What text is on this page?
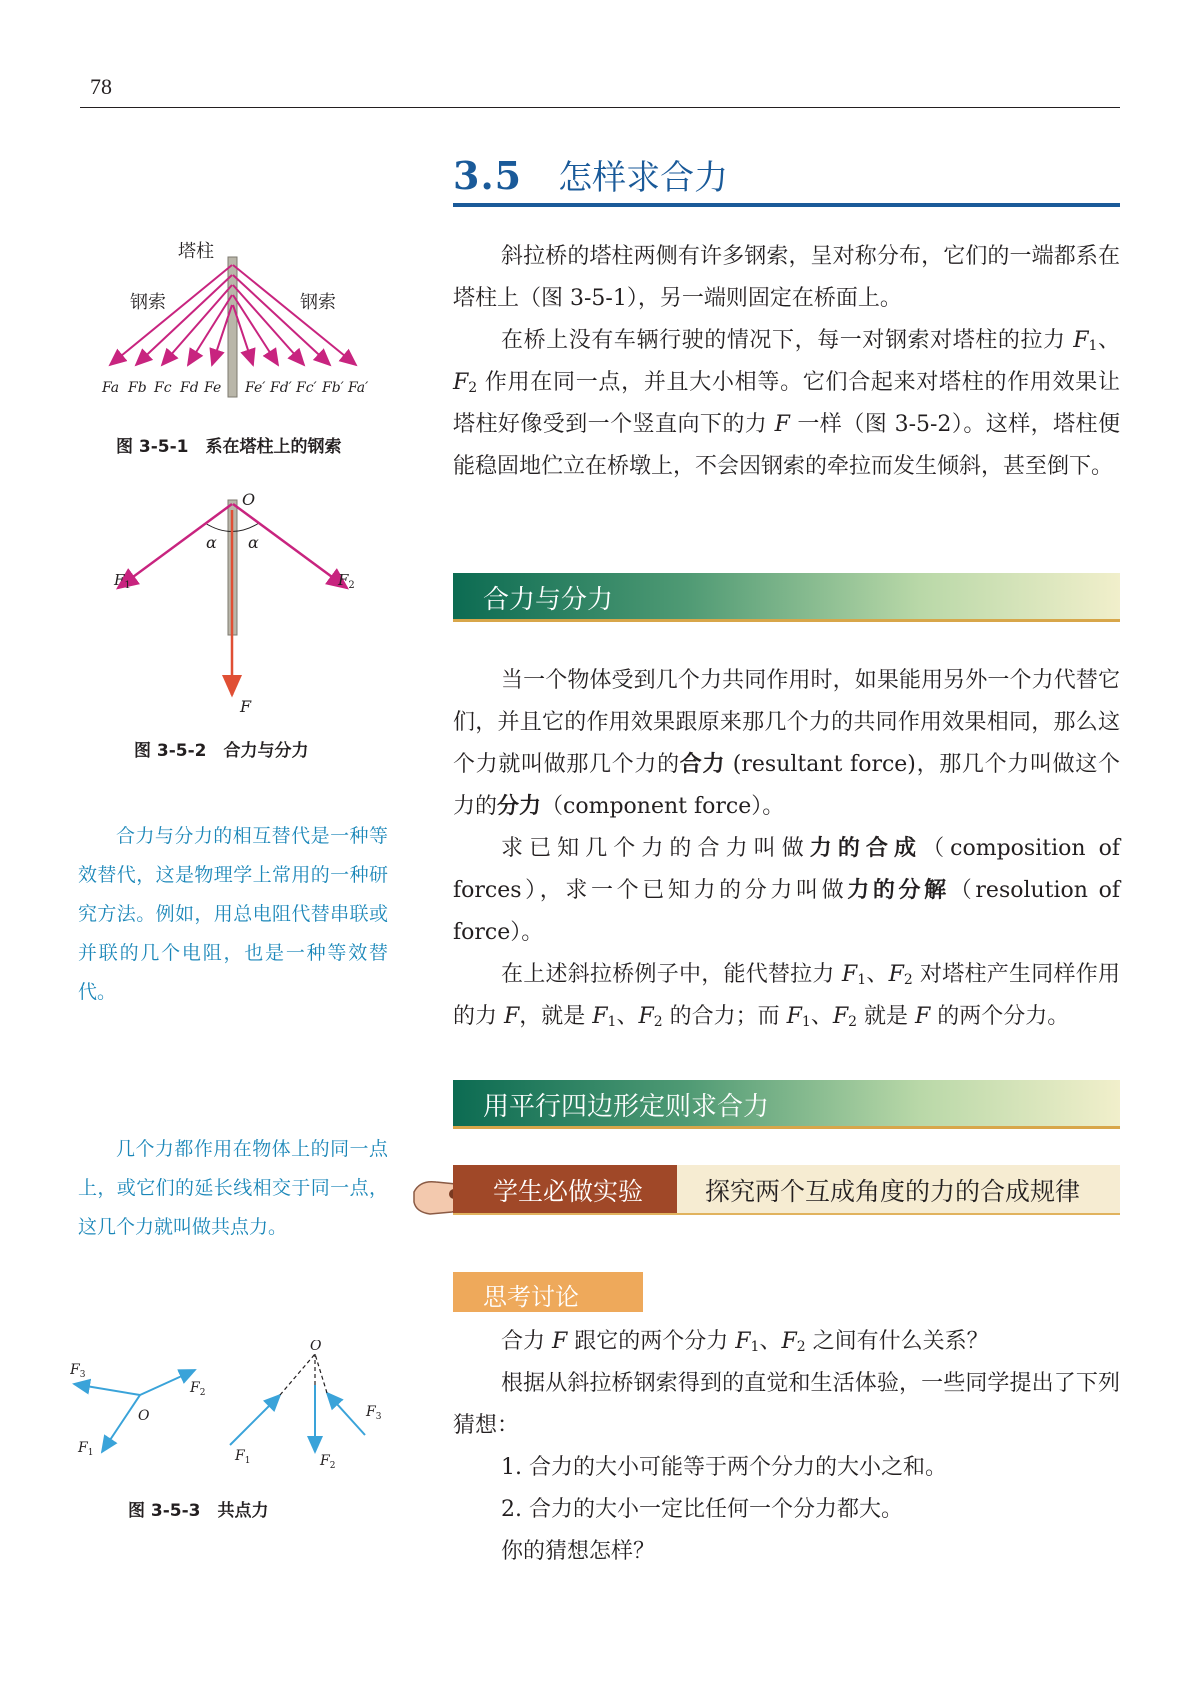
78
3.5 怎样求合力

斜拉桥的塔柱两侧有许多钢索，呈对称分布，它们的一端都系在塔柱上（图 3-5-1），另一端则固定在桥面上。

在桥上没有车辆行驶的情况下，每一对钢索对塔柱的拉力 $F_1$、$F_2$ 作用在同一点，并且大小相等。它们合起来对塔柱的作用效果让塔柱好像受到一个竖直向下的力 F 一样（图 3-5-2）。这样，塔柱便能稳固地伫立在桥墩上，不会因钢索的牵拉而发生倾斜，甚至倒下。

合力与分力

当一个物体受到几个力共同作用时，如果能用另外一个力代替它们，并且它的作用效果跟原来那几个力的共同作用效果相同，那么这个力就叫做那几个力的合力 (resultant force)，那几个力叫做这个力的分力（component force）。

求已知几个力的合力叫做力的合成（composition of forces），求一个已知力的分力叫做力的分解（resolution of force）。

在上述斜拉桥例子中，能代替拉力 $F_1$、$F_2$ 对塔柱产生同样作用的力 F，就是 $F_1$、$F_2$ 的合力；而 $F_1$、$F_2$ 就是 F 的两个分力。

用平行四边形定则求合力
学生必做实验 探究两个互成角度的力的合成规律
思考讨论

合力 F 跟它的两个分力 $F_1$、$F_2$ 之间有什么关系？

根据从斜拉桥钢索得到的直觉和生活体验，一些同学提出了下列猜想：

1. 合力的大小可能等于两个分力的大小之和。

2. 合力的大小一定比任何一个分力都大。

你的猜想怎样？

塔柱
钢索	钢索
Fa Fb Fc Fd Fe Fe′ Fd′ Fc′ Fb′ Fa′
图 3-5-1　系在塔柱上的钢索
O
α α
$F_1$	$F_2$
F
图 3-5-2　合力与分力
合力与分力的相互替代是一种等效替代，这是物理学上常用的一种研究方法。例如，用总电阻代替串联或并联的几个电阻，也是一种等效替代。
几个力都作用在物体上的同一点上，或它们的延长线相交于同一点，这几个力就叫做共点力。
$F_3$
$F_2$
O
$F_1$
O
$F_1$	$F_2$
$F_3$
图 3-5-3　共点力
